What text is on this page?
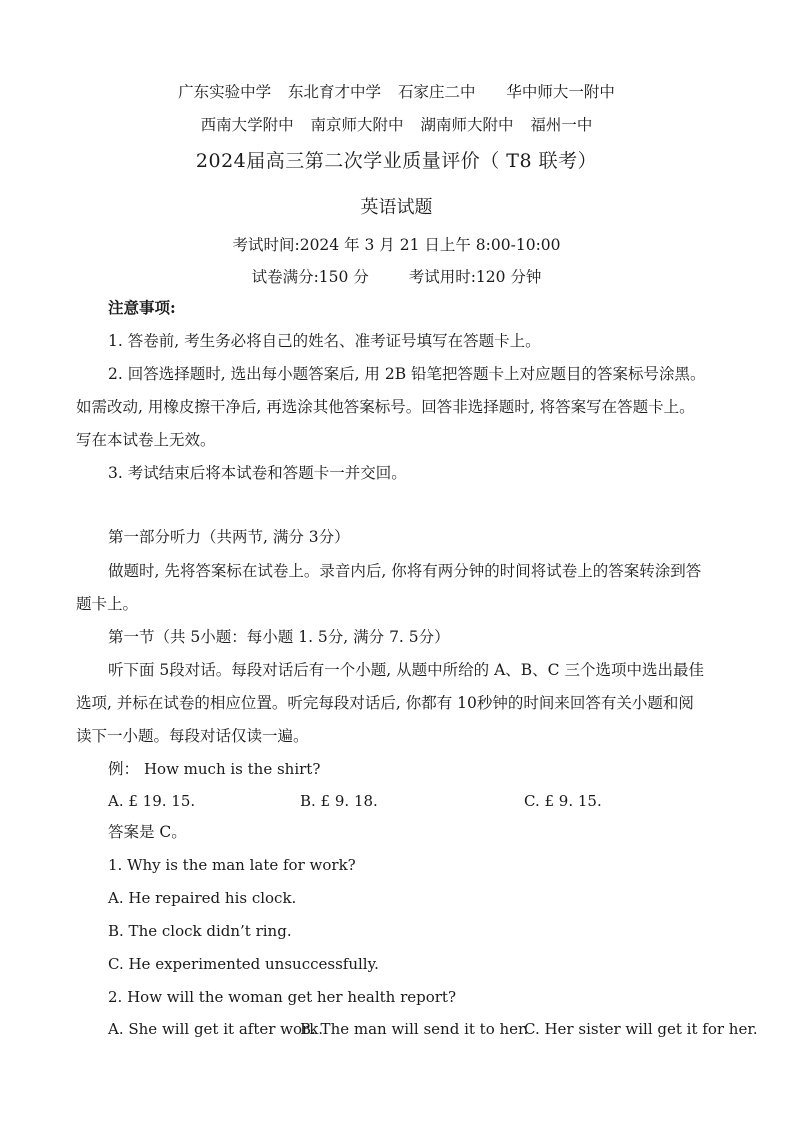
广东实验中学 东北育才中学 石家庄二中 华中师大一附中
西南大学附中 南京师大附中 湖南师大附中 福州一中
2024届高三第二次学业质量评价（ T8 联考）
英语试题
考试时间:2024 年 3 月 21 日上午 8:00-10:00
试卷满分:150 分	考试用时:120 分钟
注意事项:
1. 答卷前, 考生务必将自己的姓名、准考证号填写在答题卡上。
2. 回答选择题时, 选出每小题答案后, 用 2B 铅笔把答题卡上对应题目的答案标号涂黑。
如需改动, 用橡皮擦干净后, 再选涂其他答案标号。回答非选择题时, 将答案写在答题卡上。
写在本试卷上无效。
3. 考试结束后将本试卷和答题卡一并交回。
第一部分听力（共两节, 满分 3分）
做题时, 先将答案标在试卷上。录音内后, 你将有两分钟的时间将试卷上的答案转涂到答
题卡上。
第一节（共 5小题：每小题 1. 5分, 满分 7. 5分）
听下面 5段对话。每段对话后有一个小题, 从题中所给的 A、B、C 三个选项中选出最佳
选项, 并标在试卷的相应位置。听完每段对话后, 你都有 10秒钟的时间来回答有关小题和阅
读下一小题。每段对话仅读一遍。
例： How much is the shirt?
A. £ 19. 15.	B. £ 9. 18.	C. £ 9. 15.
答案是 C。
1. Why is the man late for work?
A. He repaired his clock.
B. The clock didn’t ring.
C. He experimented unsuccessfully.
2. How will the woman get her health report?
A. She will get it after work.
B. The man will send it to her.
C. Her sister will get it for her.
